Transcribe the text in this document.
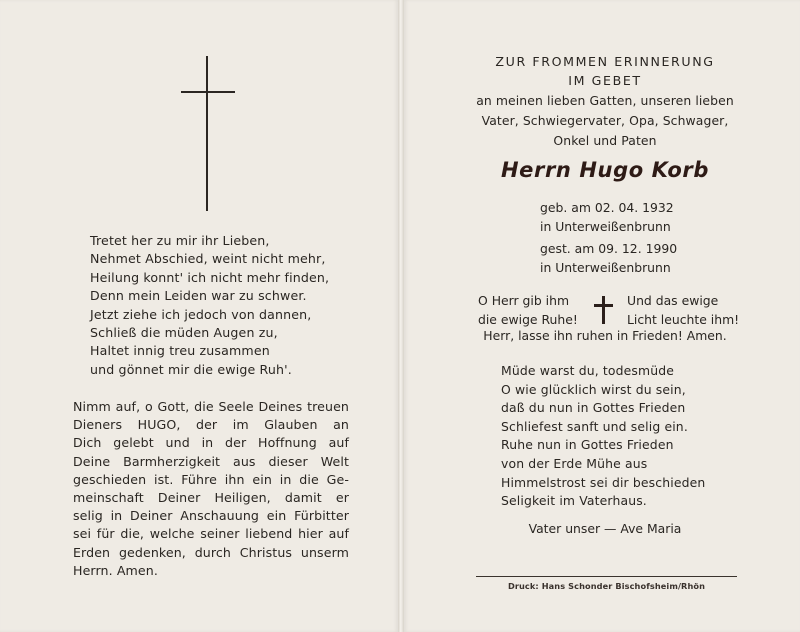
Tretet her zu mir ihr Lieben,
Nehmet Abschied, weint nicht mehr,
Heilung konnt' ich nicht mehr finden,
Denn mein Leiden war zu schwer.
Jetzt ziehe ich jedoch von dannen,
Schließ die müden Augen zu,
Haltet innig treu zusammen
und gönnet mir die ewige Ruh'.
Nimm auf, o Gott, die Seele Deines treuen
Dieners HUGO, der im Glauben an
Dich gelebt und in der Hoffnung auf
Deine Barmherzigkeit aus dieser Welt
geschieden ist. Führe ihn ein in die Ge-
meinschaft Deiner Heiligen, damit er
selig in Deiner Anschauung ein Fürbitter
sei für die, welche seiner liebend hier auf
Erden gedenken, durch Christus unserm
Herrn. Amen.
ZUR FROMMEN ERINNERUNG
IM GEBET
an meinen lieben Gatten, unseren lieben
Vater, Schwiegervater, Opa, Schwager,
Onkel und Paten
Herrn Hugo Korb
geb. am 02. 04. 1932
in Unterweißenbrunn
gest. am 09. 12. 1990
in Unterweißenbrunn
O Herr gib ihm
die ewige Ruhe!
Und das ewige
Licht leuchte ihm!
Herr, lasse ihn ruhen in Frieden! Amen.
Müde warst du, todesmüde
O wie glücklich wirst du sein,
daß du nun in Gottes Frieden
Schliefest sanft und selig ein.
Ruhe nun in Gottes Frieden
von der Erde Mühe aus
Himmelstrost sei dir beschieden
Seligkeit im Vaterhaus.
Vater unser — Ave Maria
Druck: Hans Schonder Bischofsheim/Rhön
